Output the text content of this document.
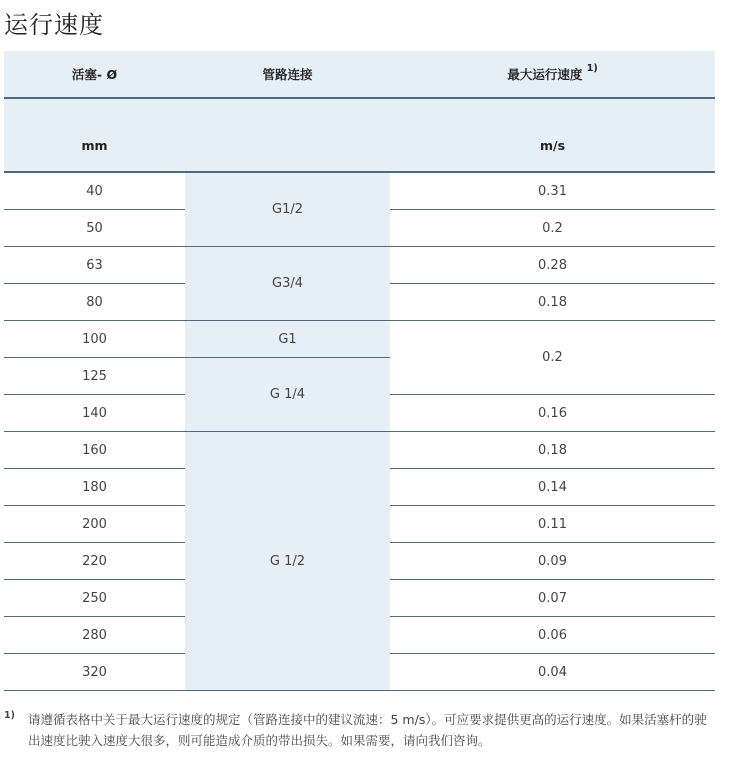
运行速度
活塞- Ø	管路连接	最大运行速度 $^{1)}$
mm		m/s
40	G1/2	0.31
50		0.2
63	G3/4	0.28
80		0.18
100	G1	0.2
125	G 1/4	
140		0.16
160	G 1/2	0.18
180		0.14
200		0.11
220		0.09
250		0.07
280		0.06
320		0.04
1) 请遵循表格中关于最大运行速度的规定（管路连接中的建议流速：5 m/s）。可应要求提供更高的运行速度。如果活塞杆的驶出速度比驶入速度大很多，则可能造成介质的带出损失。如果需要，请向我们咨询。
